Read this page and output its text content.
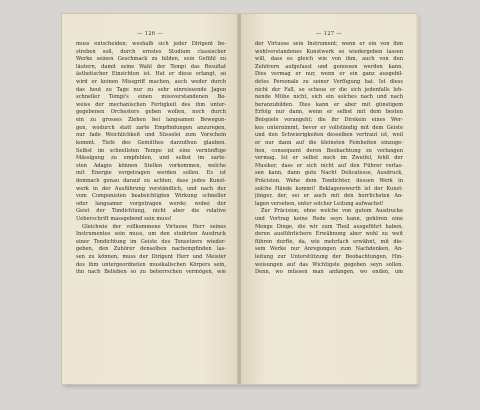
— 126 —
muss entscheiden; weshalb sich jeder Dirigent be-
streben soll, durch ernstes Studium classischer
Werke seinen Geschmack zu bilden, sein Gefühl zu
läutern, damit seine Wahl der Tempi das Resultat
ästhetischer Einsichten ist. Hat er diese erlangt, so
wird er keinen Missgriff machen, auch weder durch
das heut zu Tage nur zu sehr einreissende Jagen
schneller Tempi's einen missverstandenen Be-
weiss der mechanischen Fertigkeit des ihm unter-
gegebenen Orchesters geben wollen, noch durch
ein zu grosses Ziehen bei langsamen Bewegun-
gen, wodurch statt zarte Empfindungen anzuregen,
nur fade Weichlichkeit und Süsselei zum Vorschein
kommt. Tiefe des Gemüthes darzuthun glauben.
Selbst im schnellsten Tempo ist eine vernünftige
Mässigung zu empfehlen, und selbst im zarte-
sten Adagio können Stellen vorkommen, welche
mit Energie vorgetragen werden sollen. Es ist
demnach genau darauf zu achten, dass jedes Kunst-
werk in der Ausführung verständlich, und nach der
vom Componisten beabsichtigten Wirkung schneller
oder langsamer vorgetragen werde; wobei der
Geist der Tondichtung, nicht aber die relative
Ueberschrift massgebend sein muss!
Gleichwie der vollkommene Virtuose Herr seines
Instrumentes sein muss, um den studirten Ausdruck
einer Tondichtung im Geiste des Tonsetzers wieder-
geben, den Zuhörer denselben nachempfinden las-
sen zu können, muss der Dirigent Herr und Meister
des ihm untergeordneten musikalischen Körpers sein,
ihn nach Belieben so zu beherrschen vermögen, wie
— 127 —
der Virtuose sein Instrument; wenn er ein von ihm
wohlverstandenes Kunstwerk so wiedergeben lassen
will, dass es gleich wie von ihm, auch von den
Zuhörern aufgefasst und genossen werden kann.
Dies vermag er nur, wenn er ein ganz ausgebil-
detes Personale zu seiner Verfügung hat. Ist diess
nicht der Fall, so scheue er die sich jedenfalls leh-
nende Mühe nicht, sich ein solches nach und nach
heranzubilden. Dies kann er aber mit günstigem
Erfolg nur dann, wenn er selbst mit dem besten
Beispiele vorangeht; die ihr Dirskein eines Wer-
kes unternimmt, bevor er vollständig mit dem Geiste
und den Schwierigkeiten desselben vertraut ist, weil
er nur dann auf die kleinsten Feinheiten einzuge-
hen, consequent deren Beobachtung zu verlangen
vermag. Ist er selbst noch im Zweifel, fehlt der
Musiker, dass er sich nicht auf den Führer verlas-
sen kann, dann gute Nacht Delicatesse, Ausdruck,
Präcision. Wehe dem Tondichter, dessen Werk in
solche Hände kommt! Beklagenswerth ist der Kunst-
jünger, der, sei er auch mit den herrlichsten An-
lagen versehen, unter solcher Leitung aufwachst!
Zur Präcision, ohne welche von gutem Ausdrucke
und Vortrag keine Rede seyn kann, gehören eine
Menge Dinge, die wir zum Theil ausgeführt haben,
deren ausführlichere Erwähnung aber wohl zu weit
führen durfte, da, wie mehrfach erwähnt, mit die-
sem Werke nur Anregungen zum Nachdenken, An-
leitung zur Unterstützung der Beobachtungen, Hin-
weisungen auf das Wichtigste gegeben seyn sollen.
Denn, wo müssen man anfangen, wo enden, um
